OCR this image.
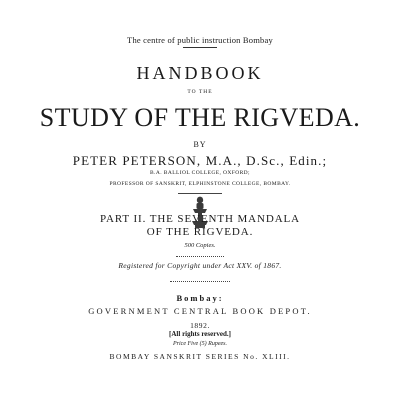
The centre of public instruction Bombay
HANDBOOK
TO THE
STUDY OF THE RIGVEDA.
BY
PETER PETERSON, M.A., D.Sc., Edin.;
B.A. BALLIOL COLLEGE, OXFORD;
PROFESSOR OF SANSKRIT, ELPHINSTONE COLLEGE, BOMBAY.
PART II. THE SEVENTH MANDALA
OF THE RIGVEDA.
500 Copies.
Registered for Copyright under Act XXV. of 1867.
Bombay:
GOVERNMENT CENTRAL BOOK DEPOT.
1892.
[All rights reserved.]
Price Five (5) Rupees.
BOMBAY SANSKRIT SERIES No. XLIII.
